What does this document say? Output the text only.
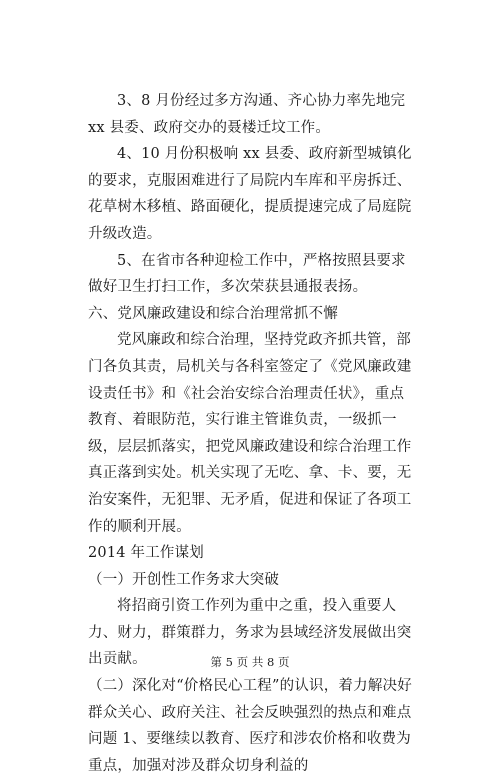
3、8 月份经过多方沟通、齐心协力率先地完 xx 县委、政府交办的聂楼迁坟工作。

4、10 月份积极响 xx 县委、政府新型城镇化的要求，克服困难进行了局院内车库和平房拆迁、花草树木移植、路面硬化，提质提速完成了局庭院升级改造。

5、在省市各种迎检工作中，严格按照县要求做好卫生打扫工作，多次荣获县通报表扬。

六、党风廉政建设和综合治理常抓不懈

党风廉政和综合治理，坚持党政齐抓共管，部门各负其责，局机关与各科室签定了《党风廉政建设责任书》和《社会治安综合治理责任状》，重点教育、着眼防范，实行谁主管谁负责，一级抓一级，层层抓落实，把党风廉政建设和综合治理工作真正落到实处。机关实现了无吃、拿、卡、要，无治安案件，无犯罪、无矛盾，促进和保证了各项工作的顺利开展。

2014 年工作谋划

（一）开创性工作务求大突破

将招商引资工作列为重中之重，投入重要人力、财力，群策群力，务求为县域经济发展做出突出贡献。

（二）深化对“价格民心工程”的认识，着力解决好群众关心、政府关注、社会反映强烈的热点和难点问题 1、要继续以教育、医疗和涉农价格和收费为重点，加强对涉及群众切身利益的

第 5 页 共 8 页
